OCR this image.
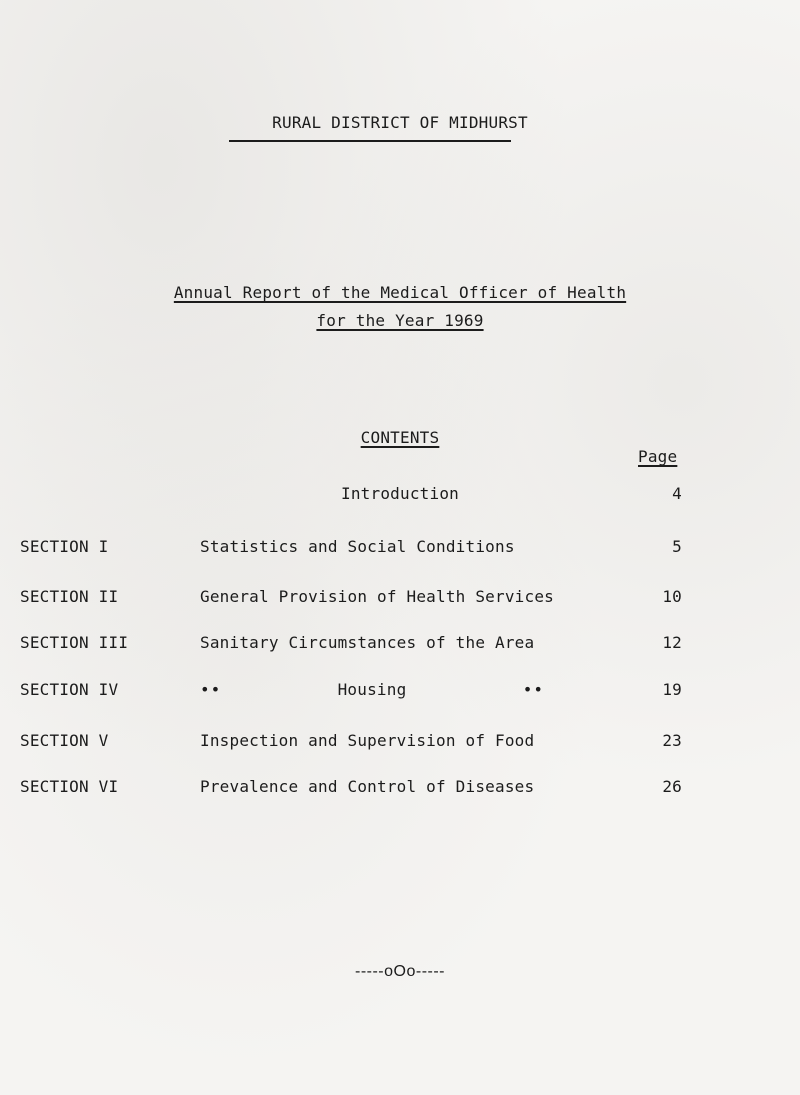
RURAL DISTRICT OF MIDHURST
Annual Report of the Medical Officer of Health
for the Year 1969
CONTENTS
Page
Introduction	4
SECTION I	Statistics and Social Conditions	5
SECTION II	General Provision of Health Services	10
SECTION III	Sanitary Circumstances of the Area	12
SECTION IV	••	Housing	••	19
SECTION V	Inspection and Supervision of Food	23
SECTION VI	Prevalence and Control of Diseases	26
-----oOo-----
